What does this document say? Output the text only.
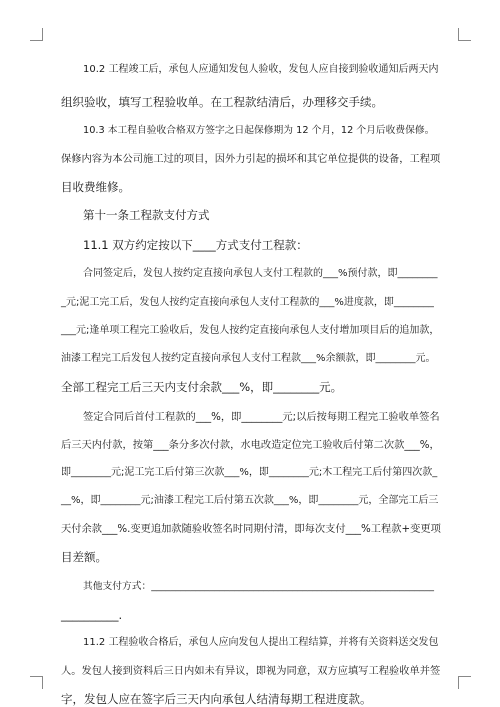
10.2 工程竣工后，承包人应通知发包人验收，发包人应自接到验收通知后两天内
组织验收，填写工程验收单。在工程款结清后，办理移交手续。
10.3 本工程自验收合格双方签字之日起保修期为 12 个月，12 个月后收费保修。
保修内容为本公司施工过的项目，因外力引起的损坏和其它单位提供的设备，工程项
目收费维修。
第十一条工程款支付方式
11.1 双方约定按以下____方式支付工程款：
合同签定后，发包人按约定直接向承包人支付工程款的___%预付款，即________
_元;泥工完工后，发包人按约定直接向承包人支付工程款的___%进度款，即________
___元;逢单项工程完工验收后，发包人按约定直接向承包人支付增加项目后的追加款，
油漆工程完工后发包人按约定直接向承包人支付工程款___%余额款，即________元。
全部工程完工后三天内支付余款___%，即________元。
签定合同后首付工程款的___%，即________元;以后按每期工程完工验收单签名
后三天内付款，按第___条分多次付款，水电改造定位完工验收后付第二次款___%，
即________元;泥工完工后付第三次款___%，即________元;木工程完工后付第四次款_
__%，即________元;油漆工程完工后付第五次款___%，即________元，全部完工后三
天付余款___%.变更追加款随验收签名时同期付清，即每次支付___%工程款+变更项
目差额。
其他支付方式：__________________________________________________________
__________.
11.2 工程验收合格后，承包人应向发包人提出工程结算，并将有关资料送交发包
人。发包人接到资料后三日内如未有异议，即视为同意，双方应填写工程验收单并签
字，发包人应在签字后三天内向承包人结清每期工程进度款。
